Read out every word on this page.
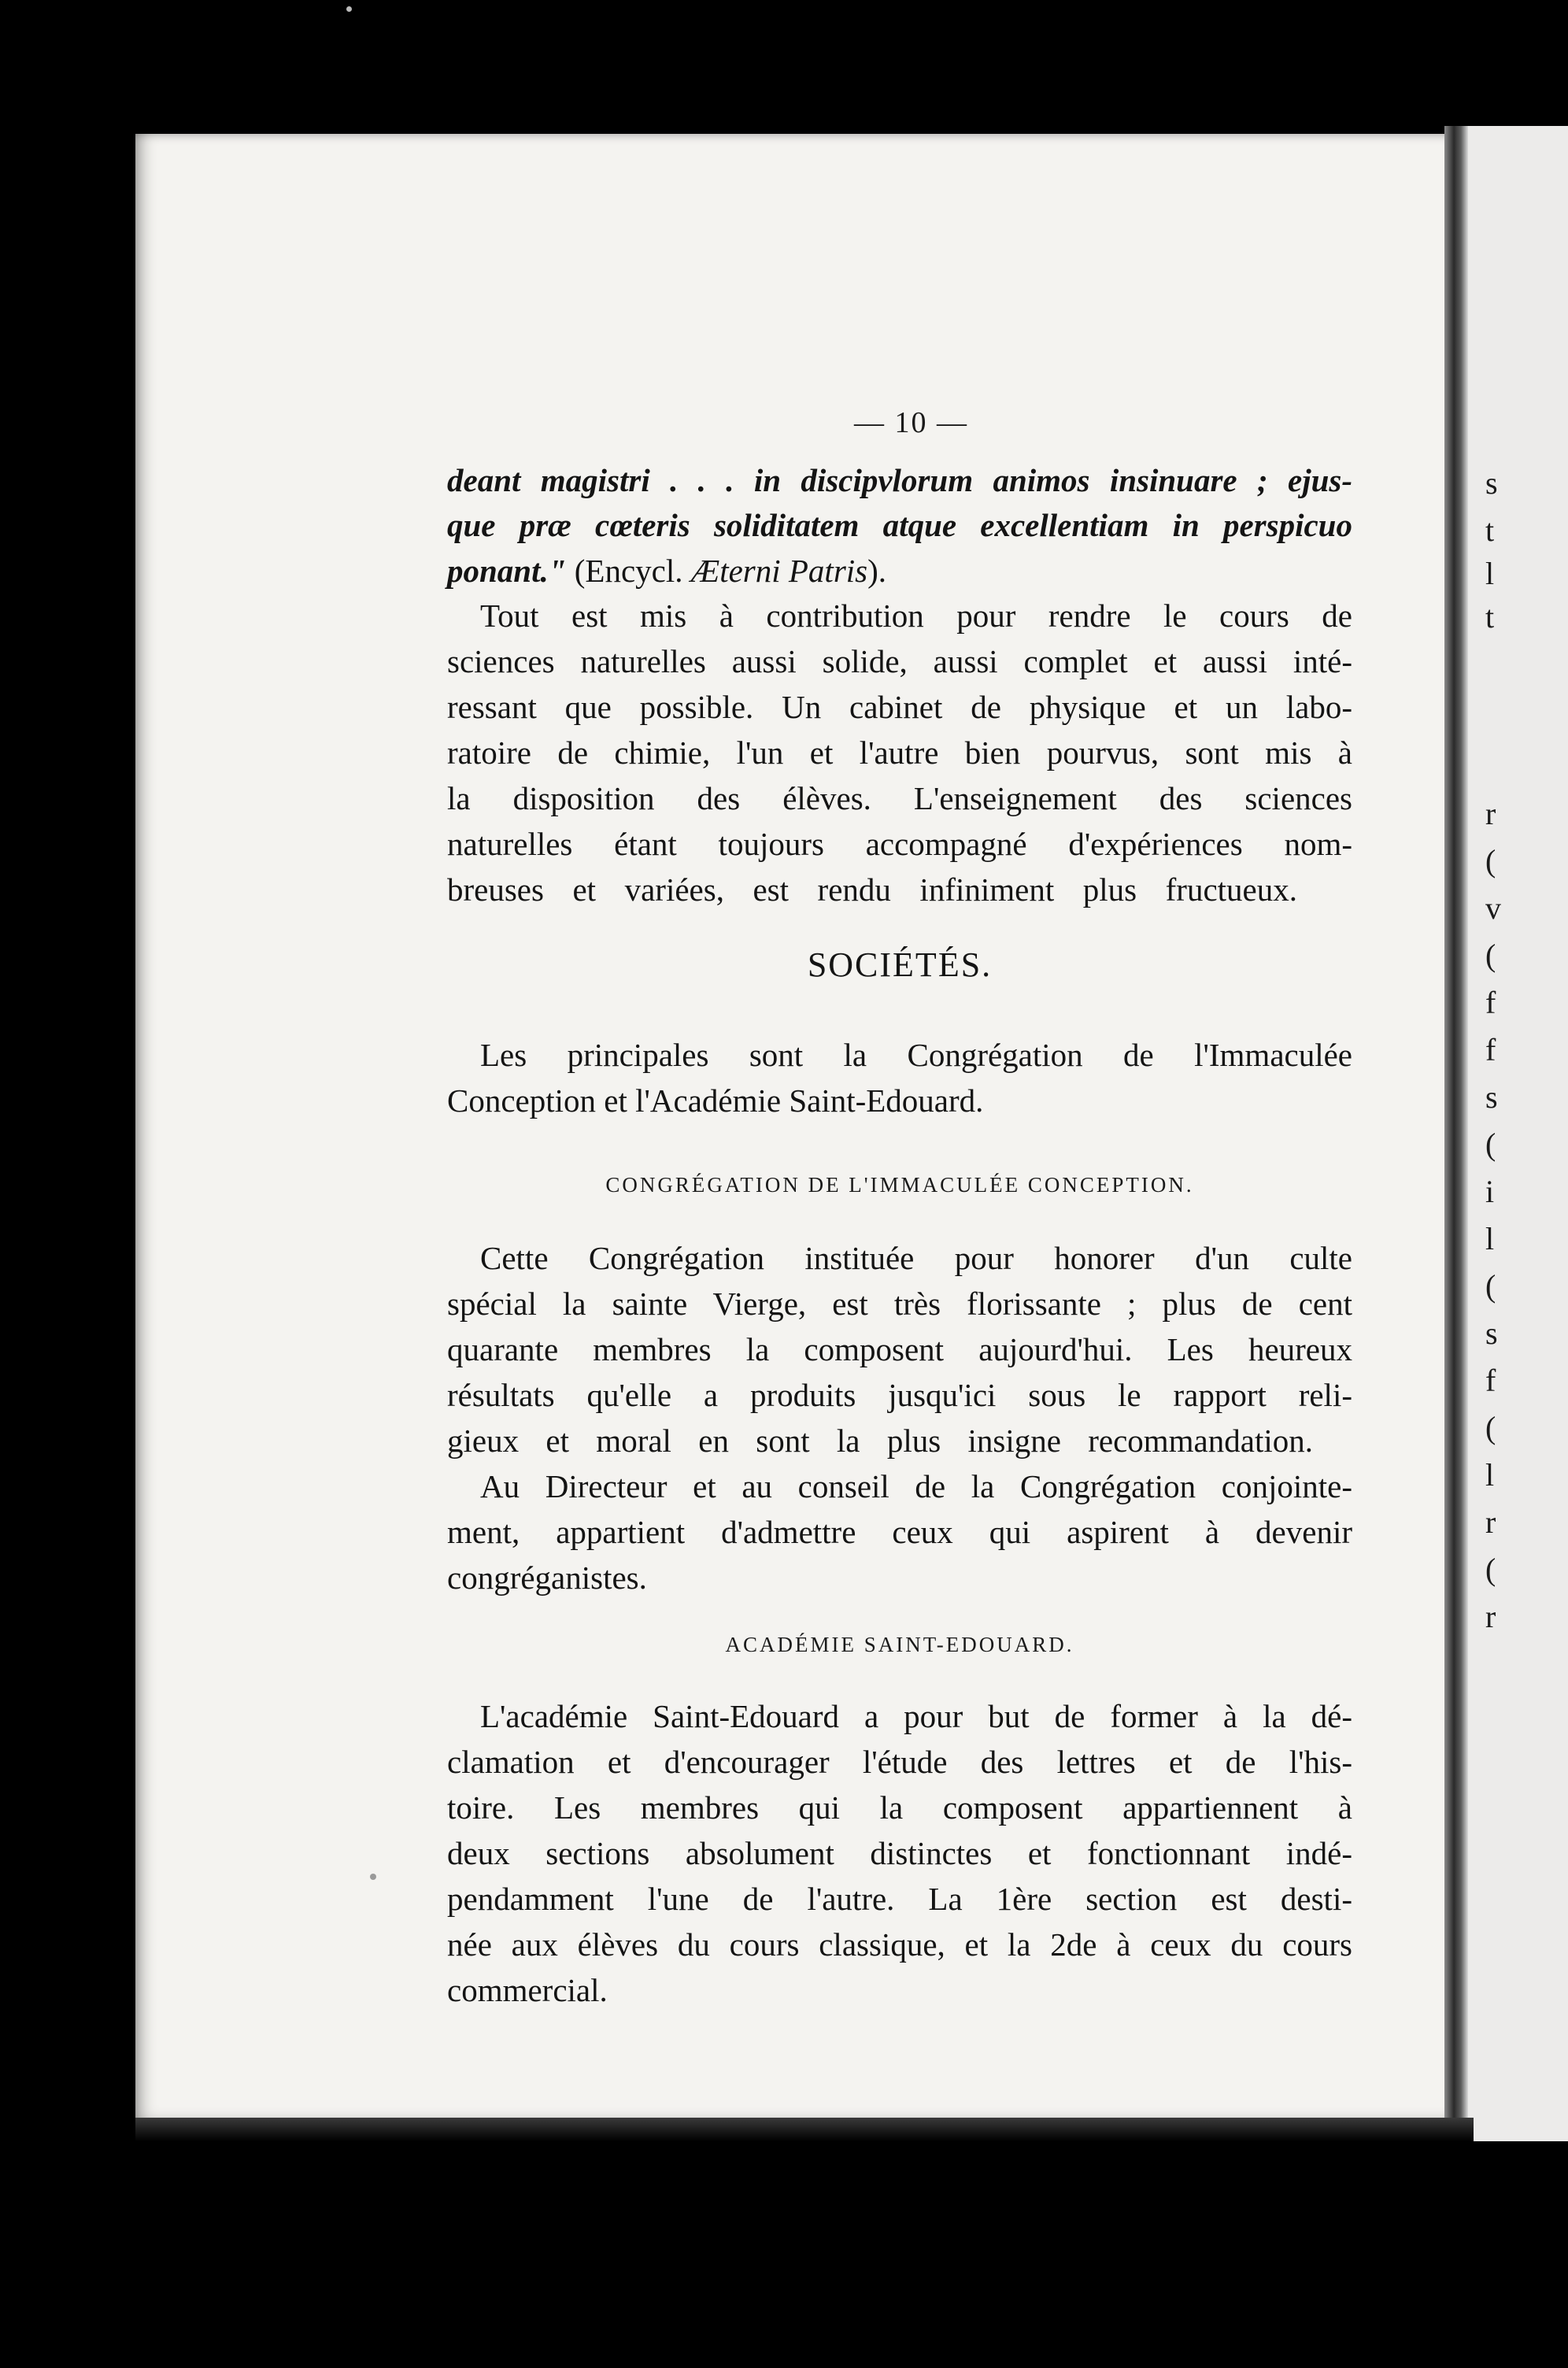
s
t
l
t
r
(
v
(
f
f
s
(
i
l
(
s
f
(
l
r
(
r
— 10 —
deant magistri . . . in discipvlorum animos insinuare ; ejus-
que præ cœteris soliditatem atque excellentiam in perspicuo
ponant." (Encycl. Æterni Patris).
Tout est mis à contribution pour rendre le cours de
sciences naturelles aussi solide, aussi complet et aussi inté-
ressant que possible. Un cabinet de physique et un labo-
ratoire de chimie, l'un et l'autre bien pourvus, sont mis à
la disposition des élèves. L'enseignement des sciences
naturelles étant toujours accompagné d'expériences nom-
breuses et variées, est rendu infiniment plus fructueux.
SOCIÉTÉS.
Les principales sont la Congrégation de l'Immaculée
Conception et l'Académie Saint-Edouard.
CONGRÉGATION DE L'IMMACULÉE CONCEPTION.
Cette Congrégation instituée pour honorer d'un culte
spécial la sainte Vierge, est très florissante ; plus de cent
quarante membres la composent aujourd'hui. Les heureux
résultats qu'elle a produits jusqu'ici sous le rapport reli-
gieux et moral en sont la plus insigne recommandation.
Au Directeur et au conseil de la Congrégation conjointe-
ment, appartient d'admettre ceux qui aspirent à devenir
congréganistes.
ACADÉMIE SAINT-EDOUARD.
L'académie Saint-Edouard a pour but de former à la dé-
clamation et d'encourager l'étude des lettres et de l'his-
toire. Les membres qui la composent appartiennent à
deux sections absolument distinctes et fonctionnant indé-
pendamment l'une de l'autre. La 1ère section est desti-
née aux élèves du cours classique, et la 2de à ceux du cours
commercial.
